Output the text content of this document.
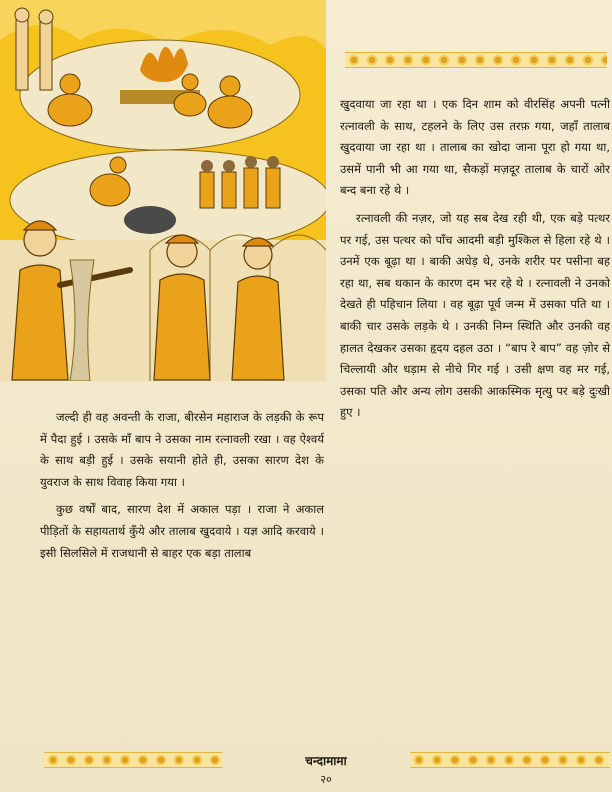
खुदवाया जा रहा था । एक दिन शाम को वीरसिंह अपनी पत्नी रत्नावली के साथ, टहलने के लिए उस तरफ़ गया, जहाँ तालाब खुदवाया जा रहा था । तालाब का खोदा जाना पूरा हो गया था, उसमें पानी भी आ गया था, सैकड़ों मज़दूर तालाब के चारों ओर बन्द बना रहे थे ।

रत्नावली की नज़र, जो यह सब देख रही थी, एक बड़े पत्थर पर गई, उस पत्थर को पाँच आदमी बड़ी मुश्किल से हिला रहे थे । उनमें एक बूढ़ा था । बाकी अधेड़ थे, उनके शरीर पर पसीना बह रहा था, सब थकान के कारण दम भर रहे थे । रत्नावली ने उनको देखते ही पहिचान लिया । वह बूढ़ा पूर्व जन्म में उसका पति था । बाकी चार उसके लड़के थे । उनकी निम्न स्थिति और उनकी वह हालत देखकर उसका हृदय दहल उठा । “बाप रे बाप” वह ज़ोर से चिल्लायी और धड़ाम से नीचे गिर गई । उसी क्षण वह मर गई, उसका पति और अन्य लोग उसकी आकस्मिक मृत्यु पर बड़े दुःखी हुए ।

जल्दी ही वह अवन्ती के राजा, बीरसेन महाराज के लड़की के रूप में पैदा हुई । उसके माँ बाप ने उसका नाम रत्नावली रखा । वह ऐश्वर्य के साथ बड़ी हुई । उसके सयानी होते ही, उसका सारण देश के युवराज के साथ विवाह किया गया ।

कुछ वर्षों बाद, सारण देश में अकाल पड़ा । राजा ने अकाल पीड़ितों के सहायतार्थ कुँये और तालाब खुदवाये । यज्ञ आदि करवाये । इसी सिलसिले में राजधानी से बाहर एक बड़ा तालाब

चन्दामामा
२०
